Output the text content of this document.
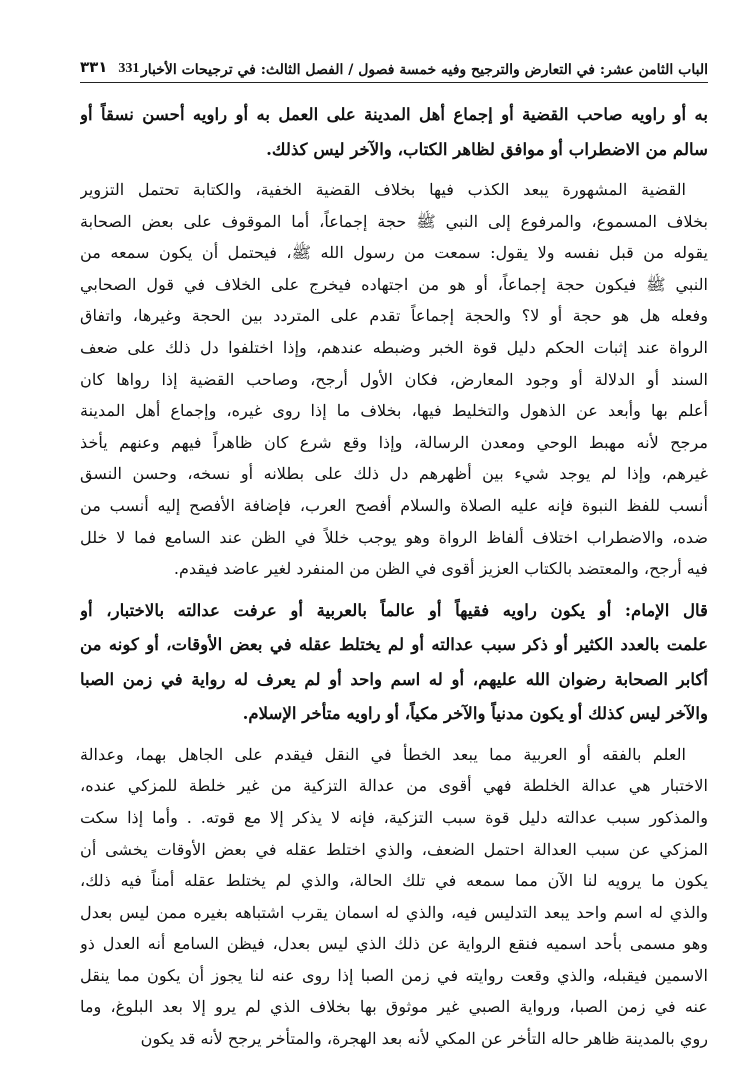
الباب الثامن عشر: في التعارض والترجيح وفيه خمسة فصول / الفصل الثالث: في ترجيحات الأخبار
331 ٣٣١
به أو راويه صاحب القضية أو إجماع أهل المدينة على العمل به أو راويه أحسن نسقاً أو
سالم من الاضطراب أو موافق لظاهر الكتاب، والآخر ليس كذلك.
القضية المشهورة يبعد الكذب فيها بخلاف القضية الخفية، والكتابة تحتمل التزوير
بخلاف المسموع، والمرفوع إلى النبي ﷺ حجة إجماعاً، أما الموقوف على بعض الصحابة
يقوله من قبل نفسه ولا يقول: سمعت من رسول الله ﷺ، فيحتمل أن يكون سمعه من
النبي ﷺ فيكون حجة إجماعاً، أو هو من اجتهاده فيخرج على الخلاف في قول الصحابي
وفعله هل هو حجة أو لا؟ والحجة إجماعاً تقدم على المتردد بين الحجة وغيرها، واتفاق
الرواة عند إثبات الحكم دليل قوة الخبر وضبطه عندهم، وإذا اختلفوا دل ذلك على ضعف
السند أو الدلالة أو وجود المعارض، فكان الأول أرجح، وصاحب القضية إذا رواها كان
أعلم بها وأبعد عن الذهول والتخليط فيها، بخلاف ما إذا روى غيره، وإجماع أهل المدينة
مرجح لأنه مهبط الوحي ومعدن الرسالة، وإذا وقع شرع كان ظاهراً فيهم وعنهم يأخذ
غيرهم، وإذا لم يوجد شيء بين أظهرهم دل ذلك على بطلانه أو نسخه، وحسن النسق
أنسب للفظ النبوة فإنه عليه الصلاة والسلام أفصح العرب، فإضافة الأفصح إليه أنسب من
ضده، والاضطراب اختلاف ألفاظ الرواة وهو يوجب خللاً في الظن عند السامع فما لا خلل
فيه أرجح، والمعتضد بالكتاب العزيز أقوى في الظن من المنفرد لغير عاضد فيقدم.
قال الإمام: أو يكون راويه فقيهاً أو عالماً بالعربية أو عرفت عدالته بالاختبار، أو
علمت بالعدد الكثير أو ذكر سبب عدالته أو لم يختلط عقله في بعض الأوقات، أو كونه من
أكابر الصحابة رضوان الله عليهم، أو له اسم واحد أو لم يعرف له رواية في زمن الصبا
والآخر ليس كذلك أو يكون مدنياً والآخر مكياً، أو راويه متأخر الإسلام.
العلم بالفقه أو العربية مما يبعد الخطأ في النقل فيقدم على الجاهل بهما، وعدالة
الاختبار هي عدالة الخلطة فهي أقوى من عدالة التزكية من غير خلطة للمزكي عنده،
والمذكور سبب عدالته دليل قوة سبب التزكية، فإنه لا يذكر إلا مع قوته. . وأما إذا سكت
المزكي عن سبب العدالة احتمل الضعف، والذي اختلط عقله في بعض الأوقات يخشى أن
يكون ما يرويه لنا الآن مما سمعه في تلك الحالة، والذي لم يختلط عقله أمناً فيه ذلك،
والذي له اسم واحد يبعد التدليس فيه، والذي له اسمان يقرب اشتباهه بغيره ممن ليس بعدل
وهو مسمى بأحد اسميه فنقع الرواية عن ذلك الذي ليس بعدل، فيظن السامع أنه العدل ذو
الاسمين فيقبله، والذي وقعت روايته في زمن الصبا إذا روى عنه لنا يجوز أن يكون مما ينقل
عنه في زمن الصبا، ورواية الصبي غير موثوق بها بخلاف الذي لم يرو إلا بعد البلوغ، وما
روي بالمدينة ظاهر حاله التأخر عن المكي لأنه بعد الهجرة، والمتأخر يرجح لأنه قد يكون
